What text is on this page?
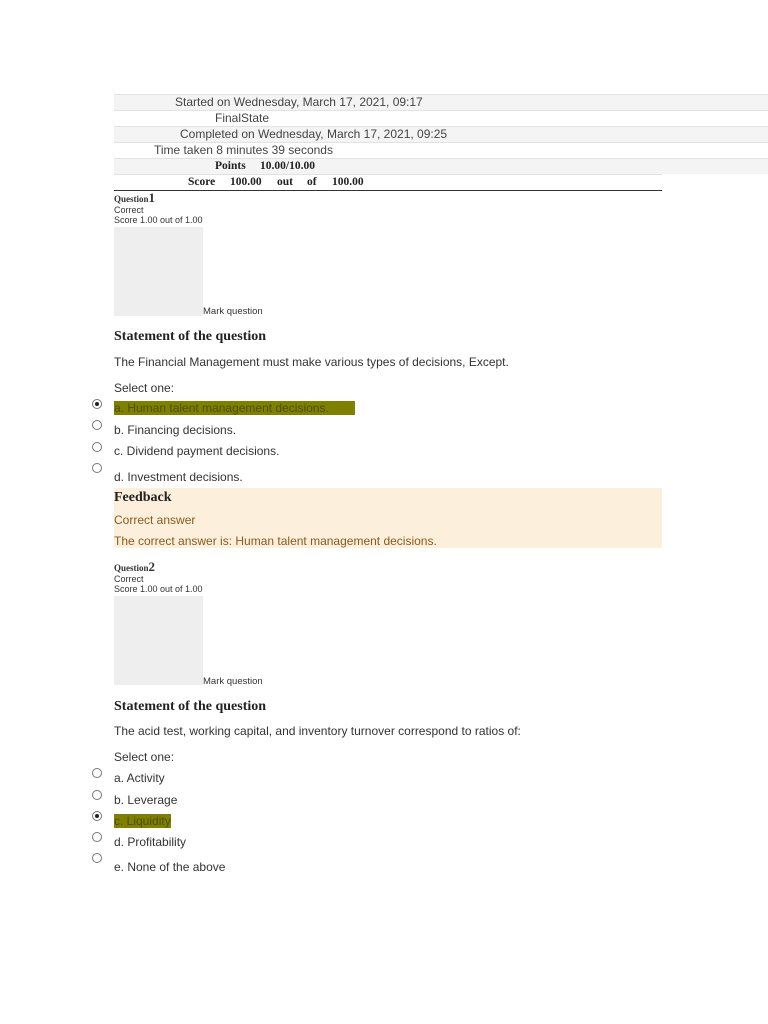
Started on Wednesday, March 17, 2021, 09:17
FinalState
Completed on Wednesday, March 17, 2021, 09:25
Time taken 8 minutes 39 seconds
Points 10.00/10.00
Score 100.00 out of 100.00
Question1
Correct
Score 1.00 out of 1.00
Mark question
Statement of the question
The Financial Management must make various types of decisions, Except.
Select one:
a. Human talent management decisions.
b. Financing decisions.
c. Dividend payment decisions.
d. Investment decisions.
Feedback
Correct answer
The correct answer is: Human talent management decisions.
Question2
Correct
Score 1.00 out of 1.00
Mark question
Statement of the question
The acid test, working capital, and inventory turnover correspond to ratios of:
Select one:
a. Activity
b. Leverage
c. Liquidity
d. Profitability
e. None of the above
